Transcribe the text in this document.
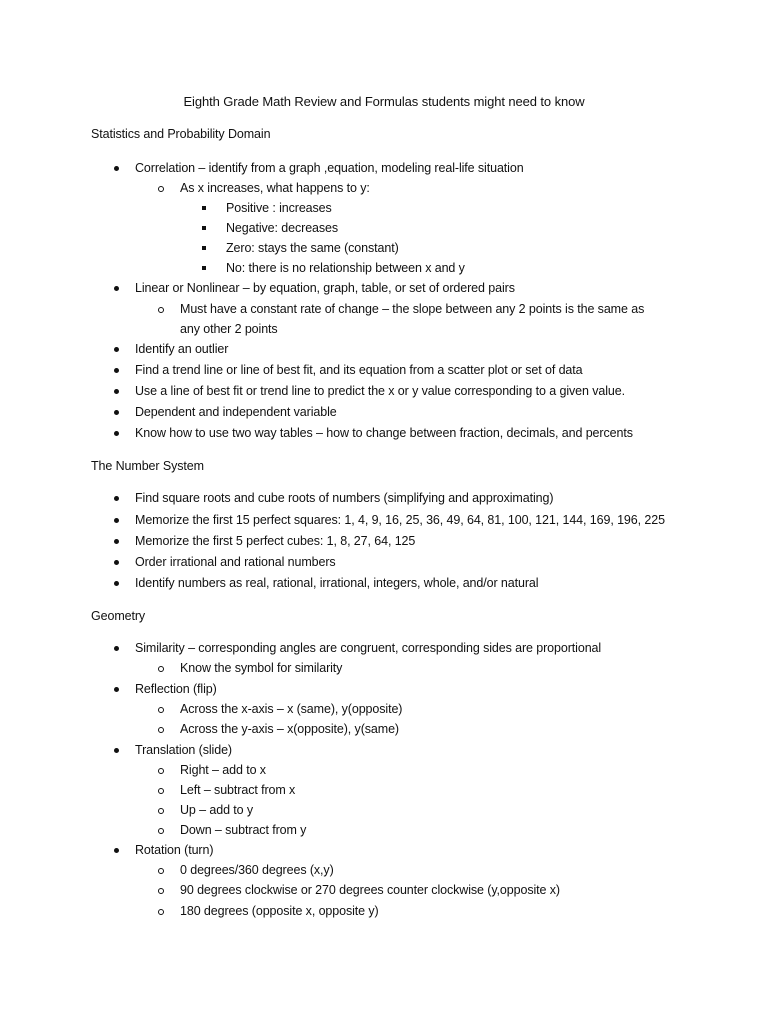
Eighth Grade Math Review and Formulas students might need to know
Statistics and Probability Domain
Correlation – identify from a graph ,equation, modeling real-life situation
As x increases, what happens to y:
Positive : increases
Negative: decreases
Zero: stays the same (constant)
No: there is no relationship between x and y
Linear or Nonlinear – by equation, graph, table, or set of ordered pairs
Must have a constant rate of change – the slope between any 2 points is the same as
any other 2 points
Identify an outlier
Find a trend line or line of best fit, and its equation from a scatter plot or set of data
Use a line of best fit or trend line to predict the x or y value corresponding to a given value.
Dependent and independent variable
Know how to use two way tables – how to change between fraction, decimals, and percents
The Number System
Find square roots and cube roots of numbers (simplifying and approximating)
Memorize the first 15 perfect squares: 1, 4, 9, 16, 25, 36, 49, 64, 81, 100, 121, 144, 169, 196, 225
Memorize the first 5 perfect cubes: 1, 8, 27, 64, 125
Order irrational and rational numbers
Identify numbers as real, rational, irrational, integers, whole, and/or natural
Geometry
Similarity – corresponding angles are congruent, corresponding sides are proportional
Know the symbol for similarity
Reflection (flip)
Across the x-axis – x (same), y(opposite)
Across the y-axis – x(opposite), y(same)
Translation (slide)
Right – add to x
Left – subtract from x
Up – add to y
Down – subtract from y
Rotation (turn)
0 degrees/360 degrees (x,y)
90 degrees clockwise or 270 degrees counter clockwise (y,opposite x)
180 degrees (opposite x, opposite y)
